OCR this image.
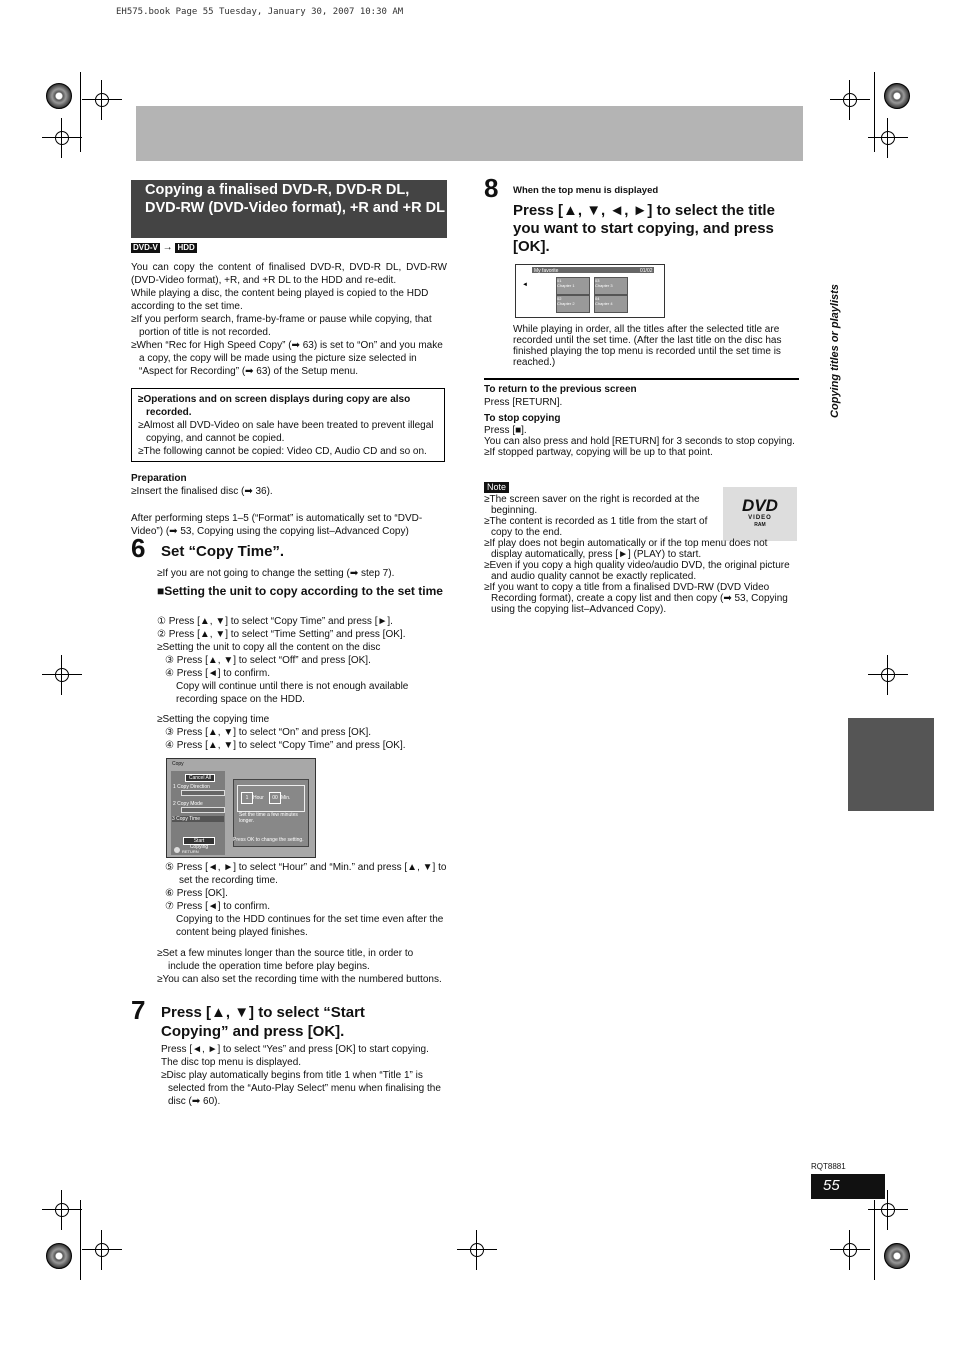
EH575.book Page 55 Tuesday, January 30, 2007 10:30 AM
Copying titles or playlists
Copying a finalised DVD-R, DVD-R DL, DVD-RW (DVD-Video format), +R and +R DL
DVD-V → HDD

You can copy the content of finalised DVD-R, DVD-R DL, DVD-RW (DVD-Video format), +R, and +R DL to the HDD and re-edit.

While playing a disc, the content being played is copied to the HDD according to the set time.

≥If you perform search, frame-by-frame or pause while copying, that portion of title is not recorded.

≥When “Rec for High Speed Copy” (➡ 63) is set to “On” and you make a copy, the copy will be made using the picture size selected in “Aspect for Recording” (➡ 63) of the Setup menu.

≥Operations and on screen displays during copy are also recorded.

≥Almost all DVD-Video on sale have been treated to prevent illegal copying, and cannot be copied.

≥The following cannot be copied: Video CD, Audio CD and so on.

Preparation

≥Insert the finalised disc (➡ 36).

After performing steps 1–5 (“Format” is automatically set to “DVD-Video”) (➡ 53, Copying using the copying list–Advanced Copy)

6 Set “Copy Time”.

≥If you are not going to change the setting (➡ step 7).

■Setting the unit to copy according to the set time

① Press [▲, ▼] to select “Copy Time” and press [►].

② Press [▲, ▼] to select “Time Setting” and press [OK].

≥Setting the unit to copy all the content on the disc

③ Press [▲, ▼] to select “Off” and press [OK].

④ Press [◄] to confirm.

Copy will continue until there is not enough available recording space on the HDD.

≥Setting the copying time

③ Press [▲, ▼] to select “On” and press [OK].

④ Press [▲, ▼] to select “Copy Time” and press [OK].

Copy
Cancel All
1 Copy Direction
2 Copy Mode
3 Copy Time
Start Copying
RETURN
1 Hour	00 Min.
Set the time a few minutes longer.
Press OK to change the setting.

⑤ Press [◄, ►] to select “Hour” and “Min.” and press [▲, ▼] to set the recording time.

⑥ Press [OK].

⑦ Press [◄] to confirm.

Copying to the HDD continues for the set time even after the content being played finishes.

≥Set a few minutes longer than the source title, in order to include the operation time before play begins.

≥You can also set the recording time with the numbered buttons.

7 Press [▲, ▼] to select “Start Copying” and press [OK].

Press [◄, ►] to select “Yes” and press [OK] to start copying. The disc top menu is displayed.

≥Disc play automatically begins from title 1 when “Title 1” is selected from the “Auto-Play Select” menu when finalising the disc (➡ 60).

8 When the top menu is displayed

Press [▲, ▼, ◄, ►] to select the title you want to start copying, and press [OK].
My favorite	01/02
◄
01
Chapter 1
03
Chapter 3
02
Chapter 2
04
Chapter 4

While playing in order, all the titles after the selected title are recorded until the set time. (After the last title on the disc has finished playing the top menu is recorded until the set time is reached.)

To return to the previous screen

Press [RETURN].

To stop copying

Press [■].

You can also press and hold [RETURN] for 3 seconds to stop copying.

≥If stopped partway, copying will be up to that point.

Note
DVD
VIDEO
RAM

≥The screen saver on the right is recorded at the beginning.

≥The content is recorded as 1 title from the start of copy to the end.

≥If play does not begin automatically or if the top menu does not display automatically, press [►] (PLAY) to start.

≥Even if you copy a high quality video/audio DVD, the original picture and audio quality cannot be exactly replicated.

≥If you want to copy a title from a finalised DVD-RW (DVD Video Recording format), create a copy list and then copy (➡ 53, Copying using the copying list–Advanced Copy).

RQT8881
55
